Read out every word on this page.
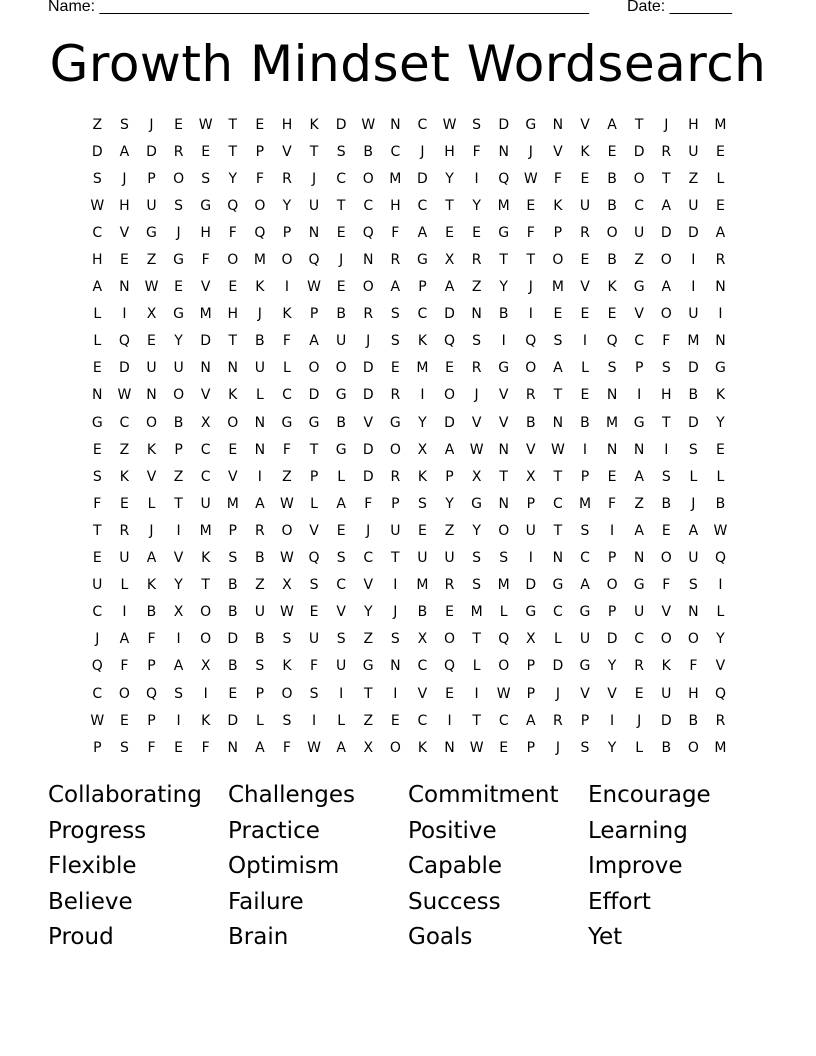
Name: _______________________________________________________ Date: _______
Growth Mindset Wordsearch
Z	S	J	E	W	T	E	H	K	D	W	N	C	W	S	D	G	N	V	A	T	J	H	M
D	A	D	R	E	T	P	V	T	S	B	C	J	H	F	N	J	V	K	E	D	R	U	E
S	J	P	O	S	Y	F	R	J	C	O	M	D	Y	I	Q	W	F	E	B	O	T	Z	L
W	H	U	S	G	Q	O	Y	U	T	C	H	C	T	Y	M	E	K	U	B	C	A	U	E
C	V	G	J	H	F	Q	P	N	E	Q	F	A	E	E	G	F	P	R	O	U	D	D	A
H	E	Z	G	F	O	M	O	Q	J	N	R	G	X	R	T	T	O	E	B	Z	O	I	R
A	N	W	E	V	E	K	I	W	E	O	A	P	A	Z	Y	J	M	V	K	G	A	I	N
L	I	X	G	M	H	J	K	P	B	R	S	C	D	N	B	I	E	E	E	V	O	U	I
L	Q	E	Y	D	T	B	F	A	U	J	S	K	Q	S	I	Q	S	I	Q	C	F	M	N
E	D	U	U	N	N	U	L	O	O	D	E	M	E	R	G	O	A	L	S	P	S	D	G
N	W	N	O	V	K	L	C	D	G	D	R	I	O	J	V	R	T	E	N	I	H	B	K
G	C	O	B	X	O	N	G	G	B	V	G	Y	D	V	V	B	N	B	M	G	T	D	Y
E	Z	K	P	C	E	N	F	T	G	D	O	X	A	W	N	V	W	I	N	N	I	S	E
S	K	V	Z	C	V	I	Z	P	L	D	R	K	P	X	T	X	T	P	E	A	S	L	L
F	E	L	T	U	M	A	W	L	A	F	P	S	Y	G	N	P	C	M	F	Z	B	J	B
T	R	J	I	M	P	R	O	V	E	J	U	E	Z	Y	O	U	T	S	I	A	E	A	W
E	U	A	V	K	S	B	W	Q	S	C	T	U	U	S	S	I	N	C	P	N	O	U	Q
U	L	K	Y	T	B	Z	X	S	C	V	I	M	R	S	M	D	G	A	O	G	F	S	I
C	I	B	X	O	B	U	W	E	V	Y	J	B	E	M	L	G	C	G	P	U	V	N	L
J	A	F	I	O	D	B	S	U	S	Z	S	X	O	T	Q	X	L	U	D	C	O	O	Y
Q	F	P	A	X	B	S	K	F	U	G	N	C	Q	L	O	P	D	G	Y	R	K	F	V
C	O	Q	S	I	E	P	O	S	I	T	I	V	E	I	W	P	J	V	V	E	U	H	Q
W	E	P	I	K	D	L	S	I	L	Z	E	C	I	T	C	A	R	P	I	J	D	B	R
P	S	F	E	F	N	A	F	W	A	X	O	K	N	W	E	P	J	S	Y	L	B	O	M
Collaborating	Challenges	Commitment	Encourage
Progress	Practice	Positive	Learning
Flexible	Optimism	Capable	Improve
Believe	Failure	Success	Effort
Proud	Brain	Goals	Yet
